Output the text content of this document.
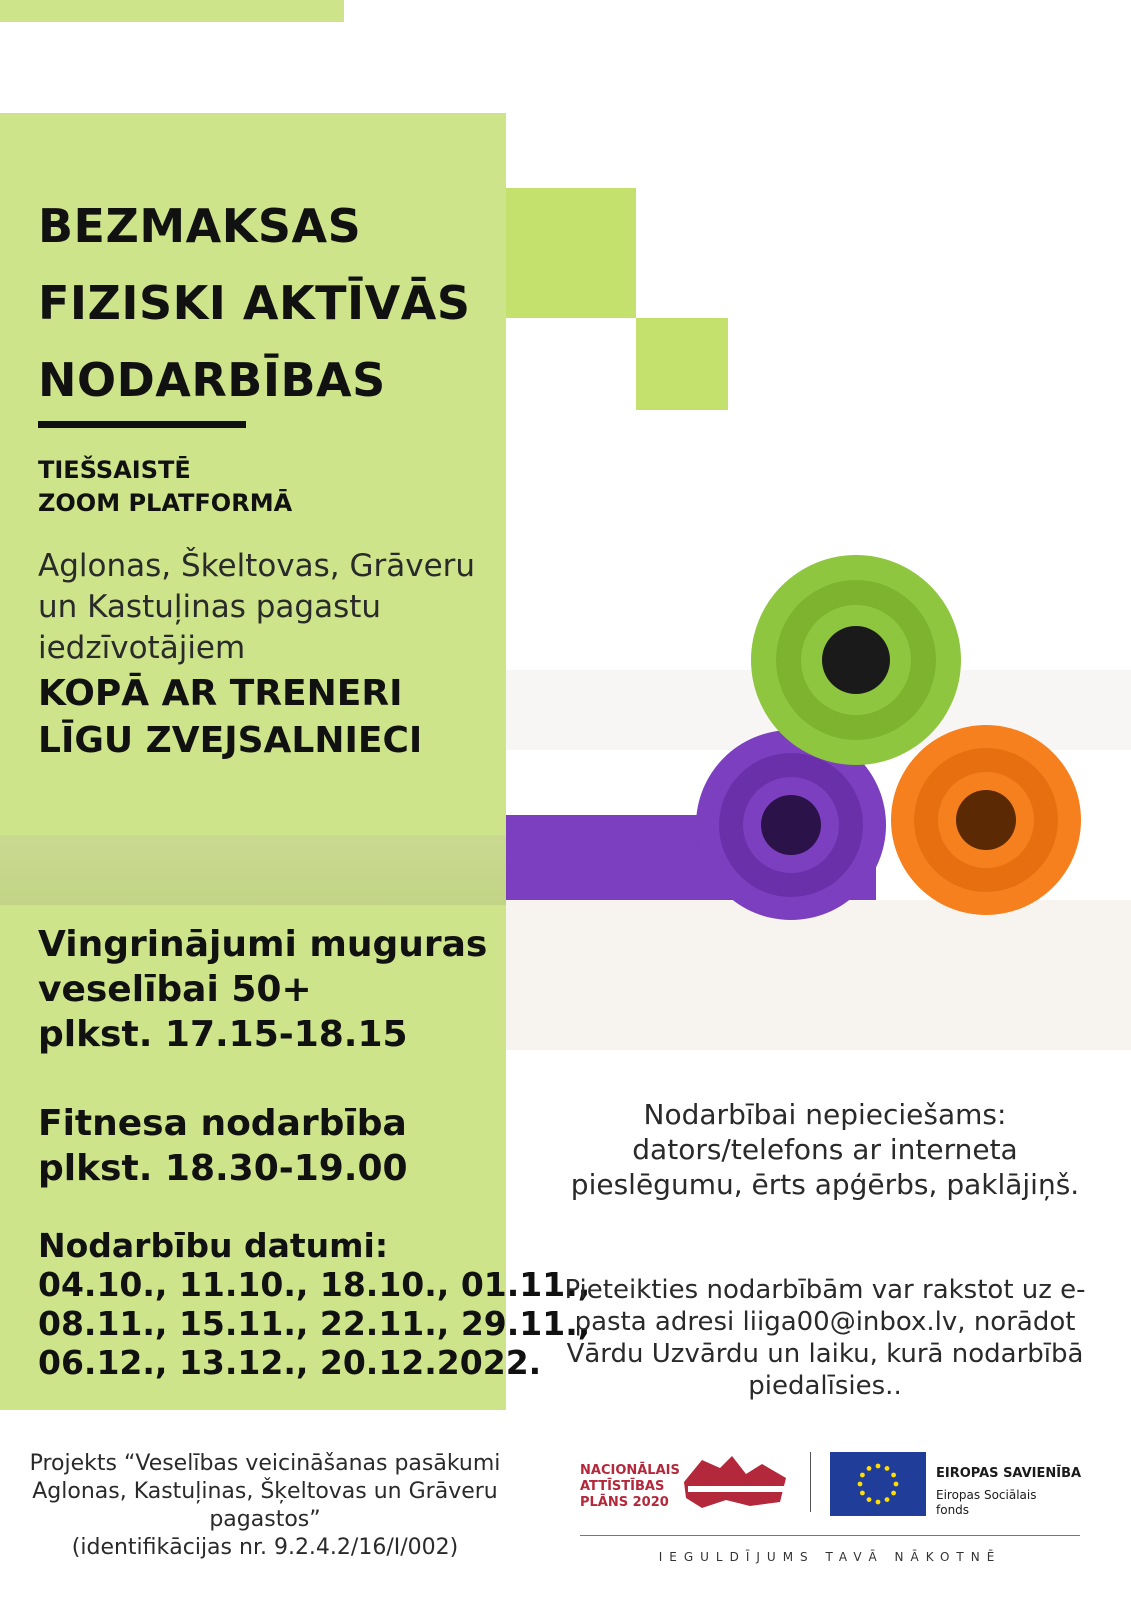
BEZMAKSAS
FIZISKI AKTĪVĀS
NODARBĪBAS
TIEŠSAISTĒ
ZOOM PLATFORMĀ
Aglonas, Škeltovas, Grāveru un Kastuļinas pagastu iedzīvotājiem
KOPĀ AR TRENERI
LĪGU ZVEJSALNIECI
Vingrinājumi muguras
veselībai 50+
plkst. 17.15-18.15
Fitnesa nodarbība
plkst. 18.30-19.00
Nodarbību datumi:
04.10., 11.10., 18.10., 01.11.,
08.11., 15.11., 22.11., 29.11.,
06.12., 13.12., 20.12.2022.
Nodarbībai nepieciešams:
dators/telefons ar interneta
pieslēgumu, ērts apģērbs, paklājiņš.
Pieteikties nodarbībām var rakstot uz e-pasta adresi liiga00@inbox.lv, norādot Vārdu Uzvārdu un laiku, kurā nodarbībā piedalīsies..
Projekts “Veselības veicināšanas pasākumi
Aglonas, Kastuļinas, Šķeltovas un Grāveru
pagastos”
(identifikācijas nr. 9.2.4.2/16/I/002)
NACIONĀLAIS
ATTĪSTĪBAS
PLĀNS 2020
EIROPAS SAVIENĪBA
Eiropas Sociālais
fonds
IEGULDĪJUMS TAVĀ NĀKOTNĒ
